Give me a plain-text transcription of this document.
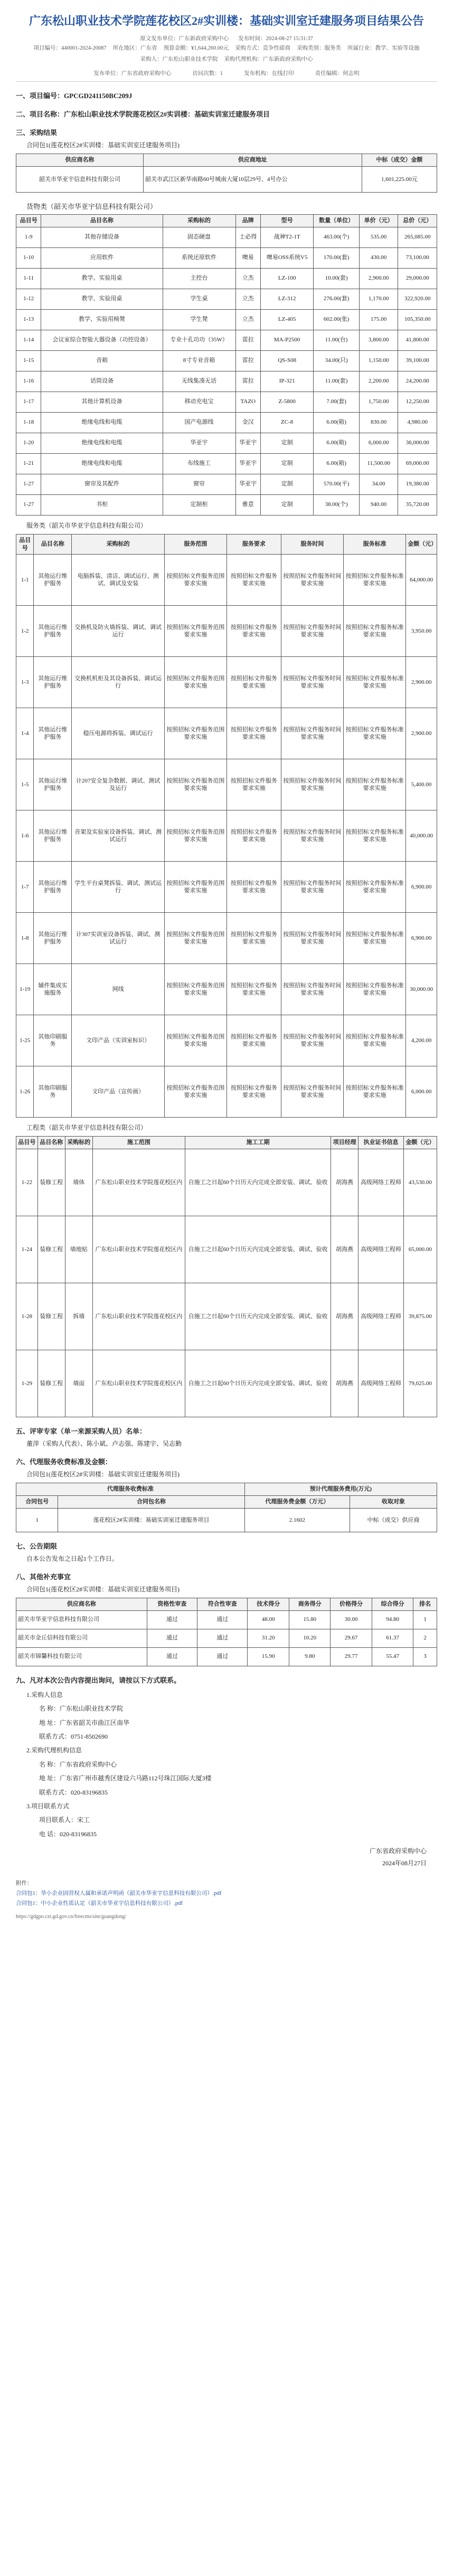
广东松山职业技术学院莲花校区2#实训楼：基础实训室迁建服务项目结果公告
原文发布单位：广东新政府采购中心 发布时间：2024-08-27 15:31:37
项目编号：440001-2024-20087 所在地区：广东省 预算金额：¥1,644,260.00元 采购方式：竞争性磋商 采购类别：服务类 所属行业：教学、实验等设施
采购人：广东松山职业技术学院 采购代理机构：广东新政府采购中心
发布单位：广东省政府采购中心	访问次数：1	发布机构：在线打印	责任编辑：何志明
一、项目编号：GPCGD241150BC209J
二、项目名称：广东松山职业技术学院莲花校区2#实训楼：基础实训室迁建服务项目
三、采购结果
合同包1(莲花校区2#实训楼：基础实训室迁建服务项目)
供应商名称	供应商地址	中标（成交）金额
韶关市华亚宇信息科技有限公司	韶关市武江区新华南路60号城南大厦10层29号、4号办公	1,601,225.00元
货物类（韶关市华亚宇信息科技有限公司）
品目号	品目名称	采购标的	品牌	型号	数量（单位）	单价（元）	总价（元）
1-9	其他存储设备	固态硬盘	士必得	战神T2-1T	463.00(个)	535.00	265,085.00
1-10	应用软件	系统还原软件	噢易	噢易OSS系统V5	170.00(套)	430.00	73,100.00
1-11	教学、实验用桌	主控台	立杰	LZ-100	10.00(套)	2,900.00	29,000.00
1-12	教学、实验用桌	学生桌	立杰	LZ-312	276.00(套)	1,170.00	322,920.00
1-13	教学、实验用椅凳	学生凳	立杰	LZ-405	602.00(张)	175.00	105,350.00
1-14	会议室综合智能大器设备（功控设备）	专业十孔功功（35W）	雷拉	MA-P2500	11.00(台)	3,800.00	41,800.00
1-15	音箱	8寸专业音箱	雷拉	QS-S08	34.00(只)	1,150.00	39,100.00
1-16	话筒设备	无线集凑无话	雷拉	IP-321	11.00(套)	2,200.00	24,200.00
1-17	其他计算机设备	移动充电宝	TAZO	Z-5800	7.00(套)	1,750.00	12,250.00
1-18	绝缘电线和电缆	国产电源线	金汉	ZC-8	6.00(箱)	830.00	4,980.00
1-20	绝缘电线和电缆	华亚宇	华亚宇	定制	6.00(箱)	6,000.00	36,000.00
1-21	绝缘电线和电缆	布线施工	华亚宇	定制	6.00(箱)	11,500.00	69,000.00
1-27	窗帘及其配件	窗帘	华亚宇	定制	570.00(平)	34.00	19,380.00
1-27	书柜	定制柜	雅意	定制	38.00(个)	940.00	35,720.00
服务类（韶关市华亚宇信息科技有限公司）
品目号	品目名称	采购标的	服务范围	服务要求	服务时间	服务标准	金额（元）
1-1	其他运行维护服务	电脑拆装、清洁、调试运行、测试、调试及安装	按照招标文件服务范围要求实施	按照招标文件服务要求实施	按照招标文件服务时间要求实施	按照招标文件服务标准要求实施	64,000.00
1-2	其他运行维护服务	交换机及防火墙拆装、调试、调试运行	按照招标文件服务范围要求实施	按照招标文件服务要求实施	按照招标文件服务时间要求实施	按照招标文件服务标准要求实施	3,950.00
1-3	其他运行维护服务	交换机机柜及其设备拆装、调试运行	按照招标文件服务范围要求实施	按照招标文件服务要求实施	按照招标文件服务时间要求实施	按照招标文件服务标准要求实施	2,900.00
1-4	其他运行维护服务	稳压电源将拆装、调试运行	按照招标文件服务范围要求实施	按照招标文件服务要求实施	按照招标文件服务时间要求实施	按照招标文件服务标准要求实施	2,900.00
1-5	其他运行维护服务	计207安全复杂数据、调试、测试及运行	按照招标文件服务范围要求实施	按照招标文件服务要求实施	按照招标文件服务时间要求实施	按照招标文件服务标准要求实施	5,400.00
1-6	其他运行维护服务	音架及实验室设备拆装、调试、测试运行	按照招标文件服务范围要求实施	按照招标文件服务要求实施	按照招标文件服务时间要求实施	按照招标文件服务标准要求实施	40,000.00
1-7	其他运行维护服务	学生平台桌凳拆装、调试、测试运行	按照招标文件服务范围要求实施	按照招标文件服务要求实施	按照招标文件服务时间要求实施	按照招标文件服务标准要求实施	6,900.00
1-8	其他运行维护服务	计307实训室设备拆装、调试、测试运行	按照招标文件服务范围要求实施	按照招标文件服务要求实施	按照招标文件服务时间要求实施	按照招标文件服务标准要求实施	6,900.00
1-19	辅件集成实施服务	网线	按照招标文件服务范围要求实施	按照招标文件服务要求实施	按照招标文件服务时间要求实施	按照招标文件服务标准要求实施	30,000.00
1-25	其他印刷服务	文印产品（实训室标识）	按照招标文件服务范围要求实施	按照招标文件服务要求实施	按照招标文件服务时间要求实施	按照招标文件服务标准要求实施	4,200.00
1-26	其他印刷服务	文印产品（宣传画）	按照招标文件服务范围要求实施	按照招标文件服务要求实施	按照招标文件服务时间要求实施	按照招标文件服务标准要求实施	6,000.00
工程类（韶关市华亚宇信息科技有限公司）
品目号	品目名称	采购标的	施工范围	施工工期	项目经理	执业证书信息	金额（元）
1-22	装修工程	墙体	广东松山职业技术学院莲花校区内	自施工之日起60个日历天内完成全部安装、调试、验收	胡海燕	高级网络工程师	43,530.00
1-24	装修工程	墙地贴	广东松山职业技术学院莲花校区内	自施工之日起60个日历天内完成全部安装、调试、验收	胡海燕	高级网络工程师	65,000.00
1-28	装修工程	拆墙	广东松山职业技术学院莲花校区内	自施工之日起60个日历天内完成全部安装、调试、验收	胡海燕	高级网络工程师	39,875.00
1-29	装修工程	墙面	广东松山职业技术学院莲花校区内	自施工之日起60个日历天内完成全部安装、调试、验收	胡海燕	高级网络工程师	79,025.00
五、评审专家（单一来源采购人员）名单：
董萍（采购人代表）、陈小斌、卢志强、陈建宇、吴志勤
六、代理服务收费标准及金额：
合同包1(莲花校区2#实训楼：基础实训室迁建服务项目)
代理服务收费标准		预计代理服务费用(万元)	
合同包号	合同包名称	代理服务费金额（万元）	收取对象
1	莲花校区2#实训楼：基础实训室迁建服务项目	2.1602	中标（成交）供应商
七、公告期限
自本公告发布之日起1个工作日。
八、其他补充事宜
合同包1(莲花校区2#实训楼：基础实训室迁建服务项目)
供应商名称	资格性审查	符合性审查	技术得分	商务得分	价格得分	综合得分	排名
韶关市华亚宇信息科技有限公司	通过	通过	48.00	15.80	30.00	94.80	1
韶关市金丘信科技有限公司	通过	通过	31.20	10.20	29.67	61.37	2
韶关市锦馨科技有限公司	通过	通过	15.90	9.80	29.77	55.47	3
九、凡对本次公告内容提出询问，请按以下方式联系。
1.采购人信息
名 称：广东松山职业技术学院
地 址：广东省韶关市曲江区南华
联系方式：0751-8502690
2.采购代理机构信息
名 称：广东省政府采购中心
地 址：广东省广州市越秀区建设六马路112号珠江国际大厦3楼
联系方式：020-83196835
3.项目联系方式
项目联系人：宋工
电 话：020-83196835
广东省政府采购中心
2024年08月27日
附件：
合同包1：华小企业固营权人属和承诺声明函（韶关市华亚宇信息科技有限公司）.pdf
合同包1：中小企业性质认定（韶关市华亚宇信息科技有限公司）.pdf
https://gdgpo.czt.gd.gov.cn/freecms/site/guangdong/
